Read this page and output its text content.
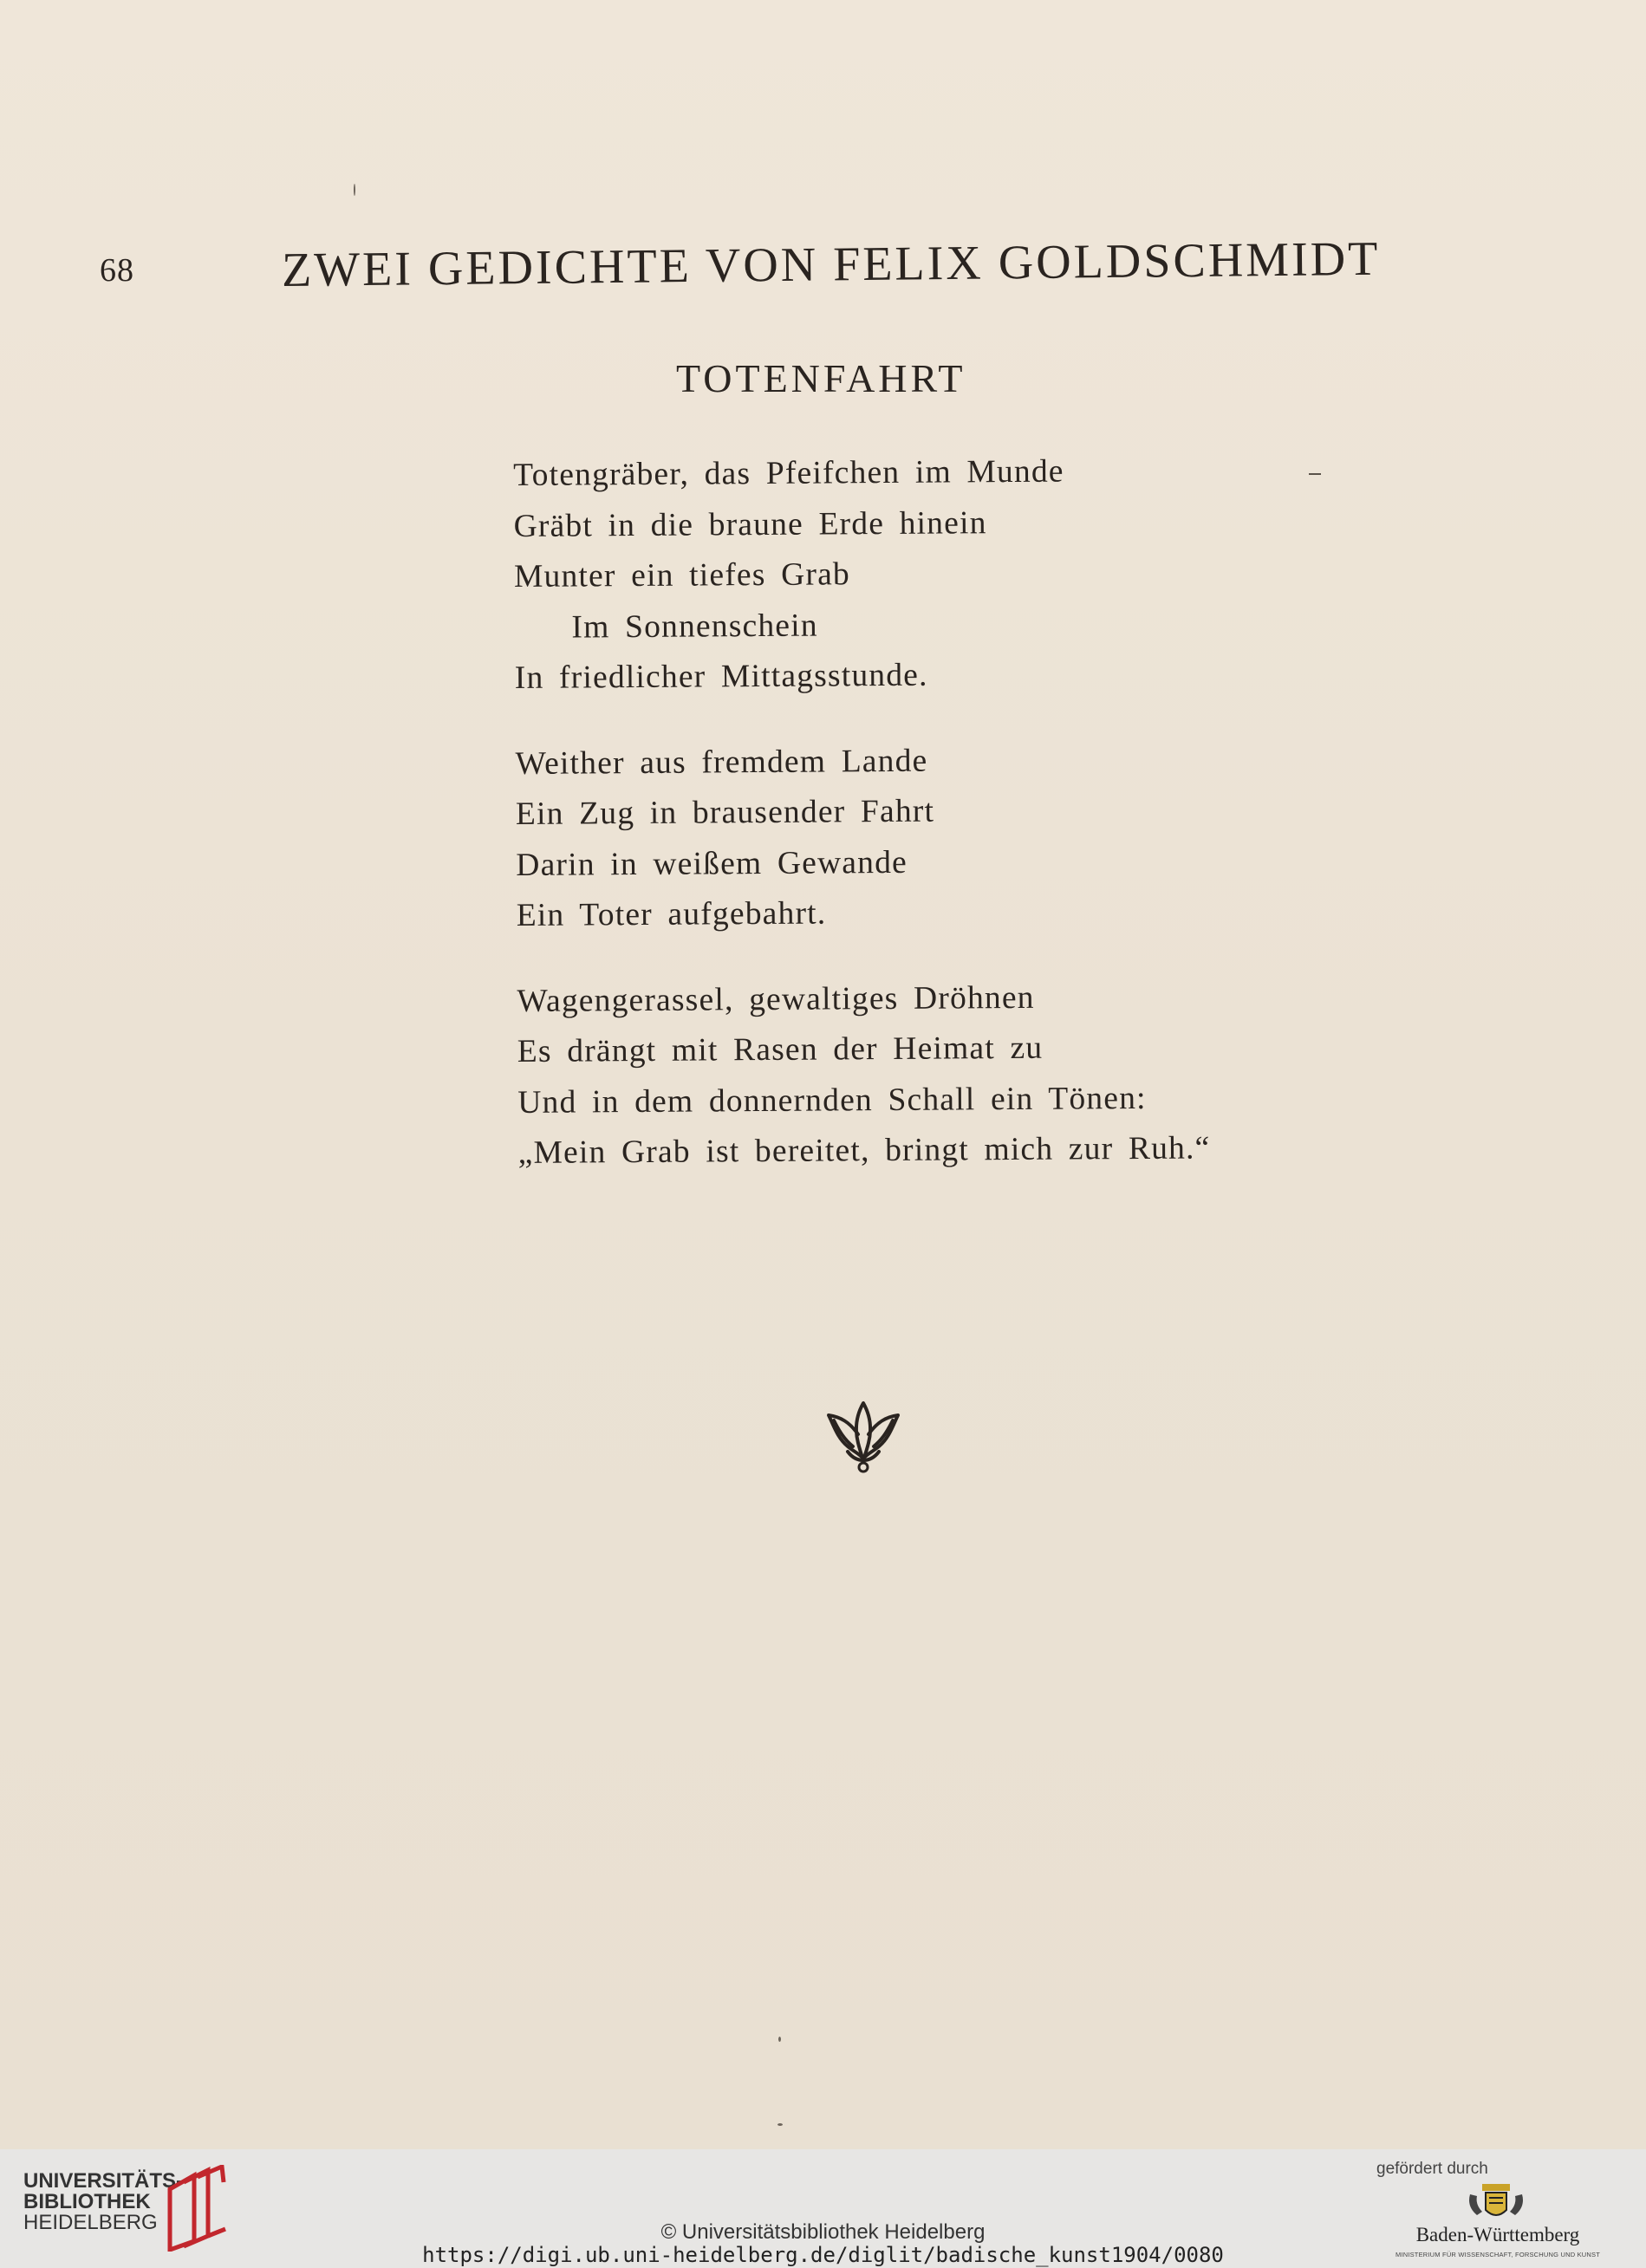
68	ZWEI GEDICHTE VON FELIX GOLDSCHMIDT
TOTENFAHRT
Totengräber, das Pfeifchen im Munde
Gräbt in die braune Erde hinein
Munter ein tiefes Grab
Im Sonnenschein
In friedlicher Mittagsstunde.
Weither aus fremdem Lande
Ein Zug in brausender Fahrt
Darin in weißem Gewande
Ein Toter aufgebahrt.
Wagengerassel, gewaltiges Dröhnen
Es drängt mit Rasen der Heimat zu
Und in dem donnernden Schall ein Tönen:
„Mein Grab ist bereitet, bringt mich zur Ruh.“
UNIVERSITÄTS-
BIBLIOTHEK
HEIDELBERG	© Universitätsbibliothek Heidelberg
https://digi.ub.uni-heidelberg.de/diglit/badische_kunst1904/0080
gefördert durch
Baden-Württemberg
MINISTERIUM FÜR WISSENSCHAFT, FORSCHUNG UND KUNST
